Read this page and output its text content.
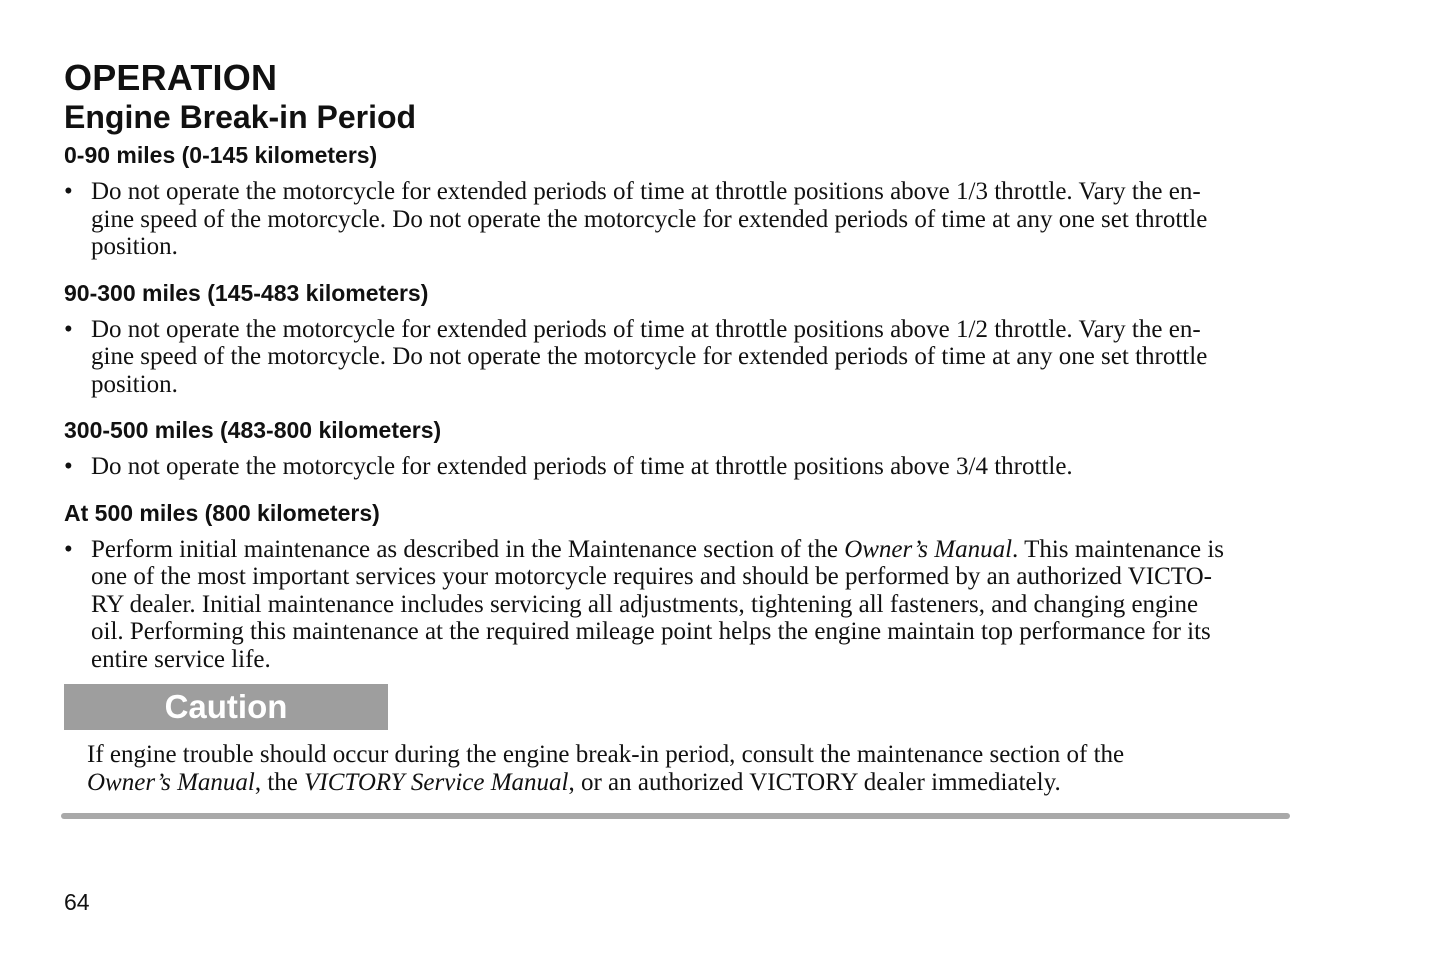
OPERATION
Engine Break-in Period
0-90 miles (0-145 kilometers)

• Do not operate the motorcycle for extended periods of time at throttle positions above 1/3 throttle. Vary the en-
gine speed of the motorcycle. Do not operate the motorcycle for extended periods of time at any one set throttle
position.

90-300 miles (145-483 kilometers)

• Do not operate the motorcycle for extended periods of time at throttle positions above 1/2 throttle. Vary the en-
gine speed of the motorcycle. Do not operate the motorcycle for extended periods of time at any one set throttle
position.

300-500 miles (483-800 kilometers)

• Do not operate the motorcycle for extended periods of time at throttle positions above 3/4 throttle.

At 500 miles (800 kilometers)

• Perform initial maintenance as described in the Maintenance section of the Owner’s Manual. This maintenance is
one of the most important services your motorcycle requires and should be performed by an authorized VICTO-
RY dealer. Initial maintenance includes servicing all adjustments, tightening all fasteners, and changing engine
oil. Performing this maintenance at the required mileage point helps the engine maintain top performance for its
entire service life.

Caution
If engine trouble should occur during the engine break-in period, consult the maintenance section of the
Owner’s Manual, the VICTORY Service Manual, or an authorized VICTORY dealer immediately.
64
